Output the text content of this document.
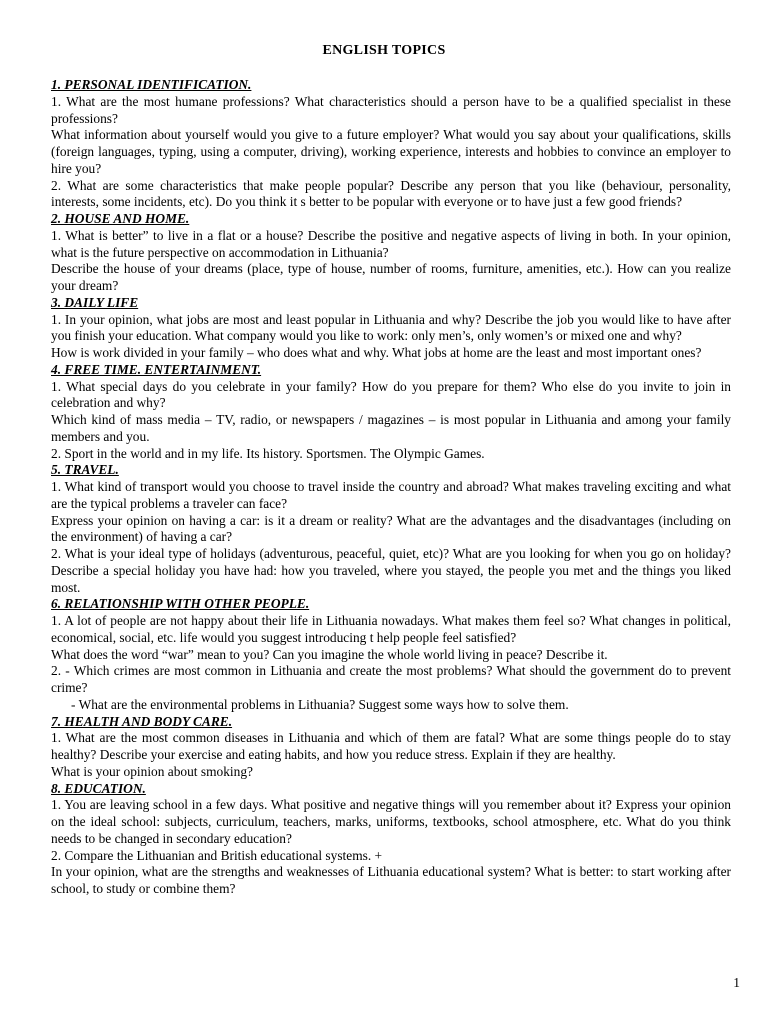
ENGLISH TOPICS
1. PERSONAL IDENTIFICATION.

1. What are the most humane professions? What characteristics should a person have to be a qualified specialist in these professions?

What information about yourself would you give to a future employer? What would you say about your qualifications, skills (foreign languages, typing, using a computer, driving), working experience, interests and hobbies to convince an employer to hire you?

2. What are some characteristics that make people popular? Describe any person that you like (behaviour, personality, interests, some incidents, etc). Do you think it s better to be popular with everyone or to have just a few good friends?

2. HOUSE AND HOME.

1. What is better” to live in a flat or a house? Describe the positive and negative aspects of living in both. In your opinion, what is the future perspective on accommodation in Lithuania?

Describe the house of your dreams (place, type of house, number of rooms, furniture, amenities, etc.). How can you realize your dream?

3. DAILY LIFE

1. In your opinion, what jobs are most and least popular in Lithuania and why? Describe the job you would like to have after you finish your education. What company would you like to work: only men’s, only women’s or mixed one and why?

How is work divided in your family – who does what and why. What jobs at home are the least and most important ones?

4. FREE TIME. ENTERTAINMENT.

1. What special days do you celebrate in your family? How do you prepare for them? Who else do you invite to join in celebration and why?

Which kind of mass media – TV, radio, or newspapers / magazines – is most popular in Lithuania and among your family members and you.

2. Sport in the world and in my life. Its history. Sportsmen. The Olympic Games.

5. TRAVEL.

1. What kind of transport would you choose to travel inside the country and abroad? What makes traveling exciting and what are the typical problems a traveler can face?

Express your opinion on having a car: is it a dream or reality? What are the advantages and the disadvantages (including on the environment) of having a car?

2. What is your ideal type of holidays (adventurous, peaceful, quiet, etc)? What are you looking for when you go on holiday? Describe a special holiday you have had: how you traveled, where you stayed, the people you met and the things you liked most.

6. RELATIONSHIP WITH OTHER PEOPLE.

1. A lot of people are not happy about their life in Lithuania nowadays. What makes them feel so? What changes in political, economical, social, etc. life would you suggest introducing t help people feel satisfied?

What does the word “war” mean to you? Can you imagine the whole world living in peace? Describe it.

2. - Which crimes are most common in Lithuania and create the most problems? What should the government do to prevent crime?

- What are the environmental problems in Lithuania? Suggest some ways how to solve them.

7. HEALTH AND BODY CARE.

1. What are the most common diseases in Lithuania and which of them are fatal? What are some things people do to stay healthy? Describe your exercise and eating habits, and how you reduce stress. Explain if they are healthy.

What is your opinion about smoking?

8. EDUCATION.

1. You are leaving school in a few days. What positive and negative things will you remember about it? Express your opinion on the ideal school: subjects, curriculum, teachers, marks, uniforms, textbooks, school atmosphere, etc. What do you think needs to be changed in secondary education?

2. Compare the Lithuanian and British educational systems. +

In your opinion, what are the strengths and weaknesses of Lithuania educational system? What is better: to start working after school, to study or combine them?

1
